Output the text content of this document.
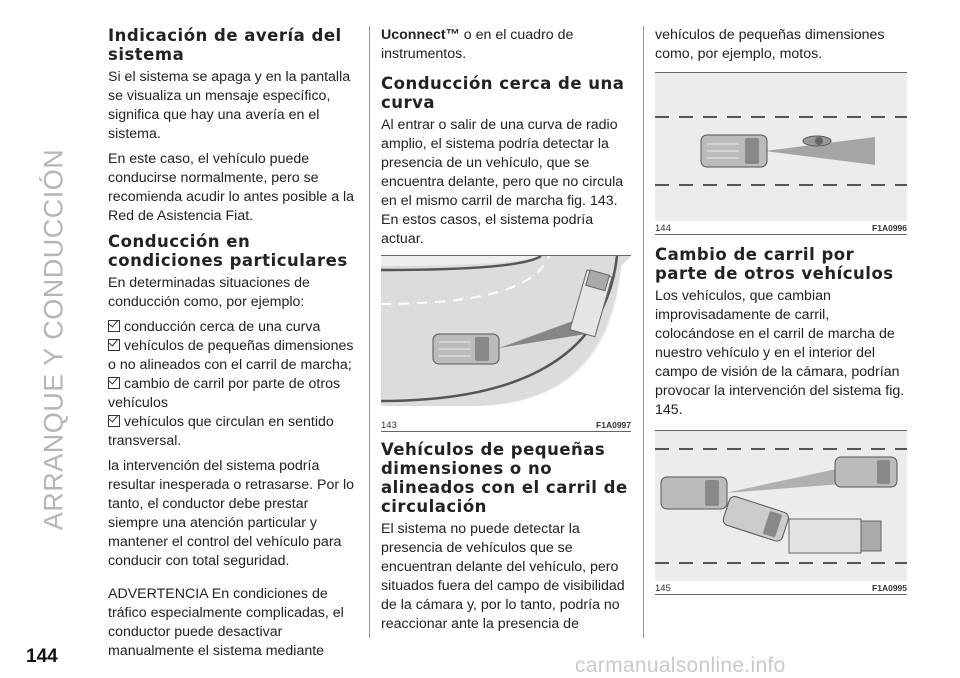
ARRANQUE Y CONDUCCIÓN
Indicación de avería del sistema

Si el sistema se apaga y en la pantalla se visualiza un mensaje específico, significa que hay una avería en el sistema.

En este caso, el vehículo puede conducirse normalmente, pero se recomienda acudir lo antes posible a la Red de Asistencia Fiat.

Conducción en condiciones particulares

En determinadas situaciones de conducción como, por ejemplo:

conducción cerca de una curva
vehículos de pequeñas dimensiones o no alineados con el carril de marcha;
cambio de carril por parte de otros vehículos
vehículos que circulan en sentido transversal.

la intervención del sistema podría resultar inesperada o retrasarse. Por lo tanto, el conductor debe prestar siempre una atención particular y mantener el control del vehículo para conducir con total seguridad.

ADVERTENCIA En condiciones de tráfico especialmente complicadas, el conductor puede desactivar manualmente el sistema mediante

Uconnect™ o en el cuadro de instrumentos.

Conducción cerca de una curva

Al entrar o salir de una curva de radio amplio, el sistema podría detectar la presencia de un vehículo, que se encuentra delante, pero que no circula en el mismo carril de marcha fig. 143. En estos casos, el sistema podría actuar.

143	F1A0997
Vehículos de pequeñas dimensiones o no alineados con el carril de circulación

El sistema no puede detectar la presencia de vehículos que se encuentran delante del vehículo, pero situados fuera del campo de visibilidad de la cámara y, por lo tanto, podría no reaccionar ante la presencia de

vehículos de pequeñas dimensiones como, por ejemplo, motos.

144	F1A0996
Cambio de carril por parte de otros vehículos

Los vehículos, que cambian improvisadamente de carril, colocándose en el carril de marcha de nuestro vehículo y en el interior del campo de visión de la cámara, podrían provocar la intervención del sistema fig. 145.

145	F1A0995
144	carmanualsonline.info
